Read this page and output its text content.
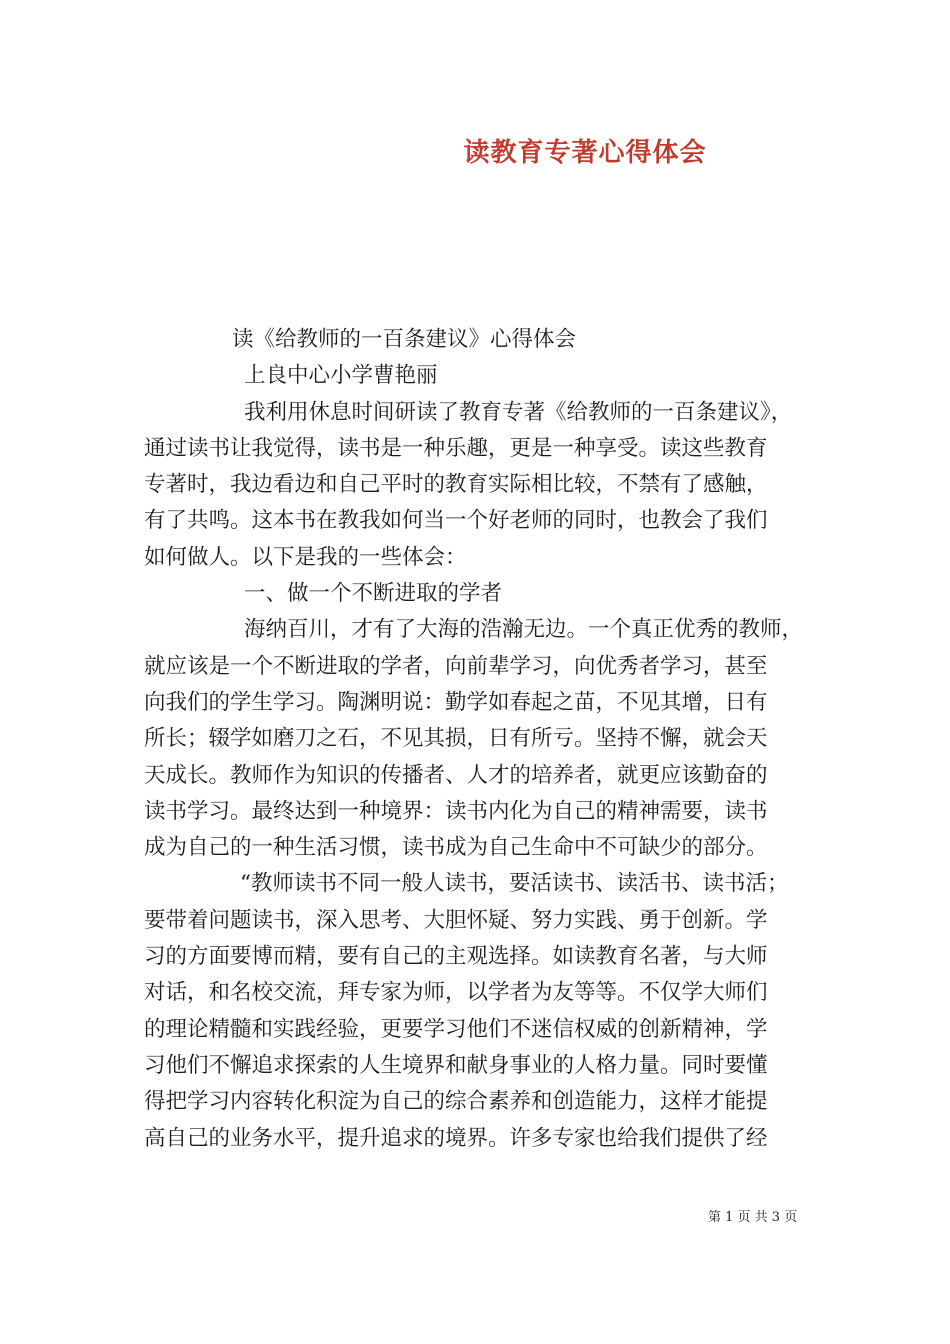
读教育专著心得体会
读《给教师的一百条建议》心得体会
上良中心小学曹艳丽
我利用休息时间研读了教育专著《给教师的一百条建议》，
通过读书让我觉得，读书是一种乐趣，更是一种享受。读这些教育
专著时，我边看边和自己平时的教育实际相比较，不禁有了感触，
有了共鸣。这本书在教我如何当一个好老师的同时，也教会了我们
如何做人。以下是我的一些体会：
一、做一个不断进取的学者
海纳百川，才有了大海的浩瀚无边。一个真正优秀的教师，
就应该是一个不断进取的学者，向前辈学习，向优秀者学习，甚至
向我们的学生学习。陶渊明说：勤学如春起之苗，不见其增，日有
所长；辍学如磨刀之石，不见其损，日有所亏。坚持不懈，就会天
天成长。教师作为知识的传播者、人才的培养者，就更应该勤奋的
读书学习。最终达到一种境界：读书内化为自己的精神需要，读书
成为自己的一种生活习惯，读书成为自己生命中不可缺少的部分。
“教师读书不同一般人读书，要活读书、读活书、读书活；
要带着问题读书，深入思考、大胆怀疑、努力实践、勇于创新。学
习的方面要博而精，要有自己的主观选择。如读教育名著，与大师
对话，和名校交流，拜专家为师，以学者为友等等。不仅学大师们
的理论精髓和实践经验，更要学习他们不迷信权威的创新精神，学
习他们不懈追求探索的人生境界和献身事业的人格力量。同时要懂
得把学习内容转化积淀为自己的综合素养和创造能力，这样才能提
高自己的业务水平，提升追求的境界。许多专家也给我们提供了经
第 1 页 共 3 页
